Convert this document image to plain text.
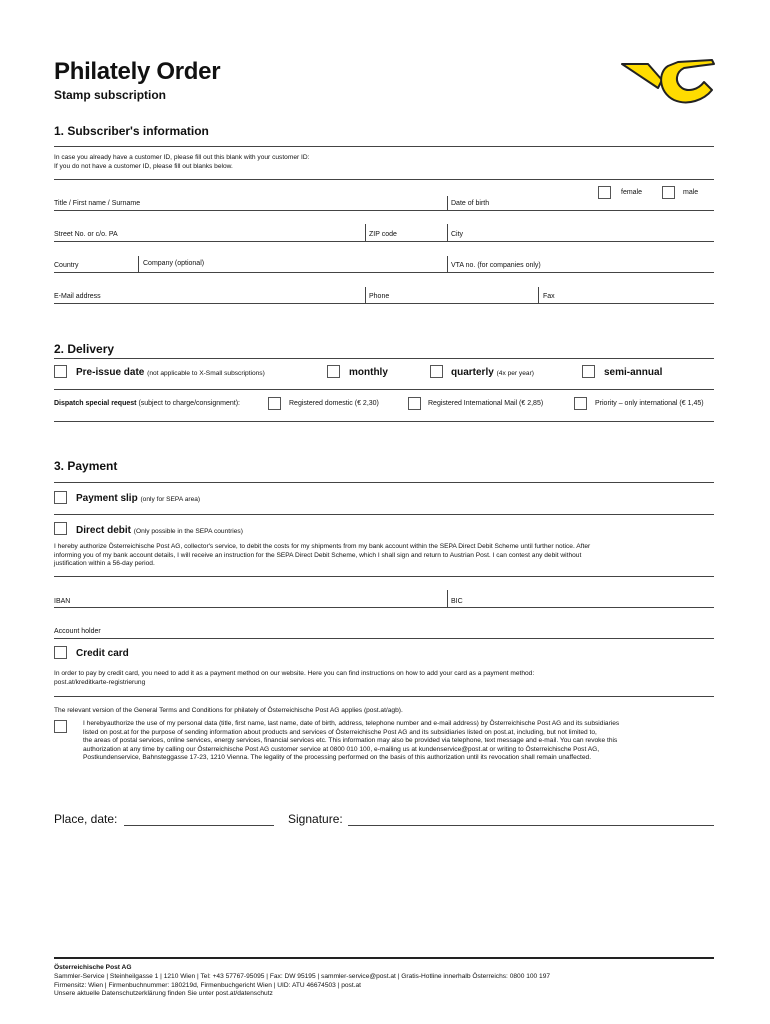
Philately Order
Stamp subscription
1. Subscriber's information
In case you already have a customer ID, please fill out this blank with your customer ID:
If you do not have a customer ID, please fill out blanks below.
female	male
Title / First name / Surname	Date of birth
Street No. or c/o. PA	ZIP code	City
Country	Company (optional)	VTA no. (for companies only)
E-Mail address	Phone	Fax
2. Delivery
Pre-issue date (not applicable to X-Small subscriptions)	monthly	quarterly (4x per year)	semi-annual
Dispatch special request (subject to charge/consignment):	Registered domestic (€ 2,30)	Registered International Mail (€ 2,85)	Priority – only international (€ 1,45)
3. Payment
Payment slip (only for SEPA area)
Direct debit (Only possible in the SEPA countries)
I hereby authorize Österreichische Post AG, collector's service, to debit the costs for my shipments from my bank account within the SEPA Direct Debit Scheme until further notice. After
informing you of my bank account details, I will receive an instruction for the SEPA Direct Debit Scheme, which I shall sign and return to Austrian Post. I can contest any debit without
justification within a 56-day period.
IBAN	BIC
Account holder
Credit card
In order to pay by credit card, you need to add it as a payment method on our website. Here you can find instructions on how to add your card as a payment method:
post.at/kreditkarte-registrierung
The relevant version of the General Terms and Conditions for philately of Österreichische Post AG applies (post.at/agb).
I herebyauthorize the use of my personal data (title, first name, last name, date of birth, address, telephone number and e-mail address) by Österreichische Post AG and its subsidiaries
listed on post.at for the purpose of sending information about products and services of Österreichische Post AG and its subsidiaries listed on post.at, including, but not limited to,
the areas of postal services, online services, energy services, financial services etc. This information may also be provided via telephone, text message and e-mail. You can revoke this
authorization at any time by calling our Österreichische Post AG customer service at 0800 010 100, e-mailing us at kundenservice@post.at or writing to Österreichische Post AG,
Postkundenservice, Bahnsteggasse 17-23, 1210 Vienna. The legality of the processing performed on the basis of this authorization until its revocation shall remain unaffected.
Place, date:	Signature:
Österreichische Post AG
Sammler-Service | Steinheilgasse 1 | 1210 Wien | Tel: +43 57767-95095 | Fax: DW 95195 | sammler-service@post.at | Gratis-Hotline innerhalb Österreichs: 0800 100 197
Firmensitz: Wien | Firmenbuchnummer: 180219d, Firmenbuchgericht Wien | UID: ATU 46674503 | post.at
Unsere aktuelle Datenschutzerklärung finden Sie unter post.at/datenschutz
